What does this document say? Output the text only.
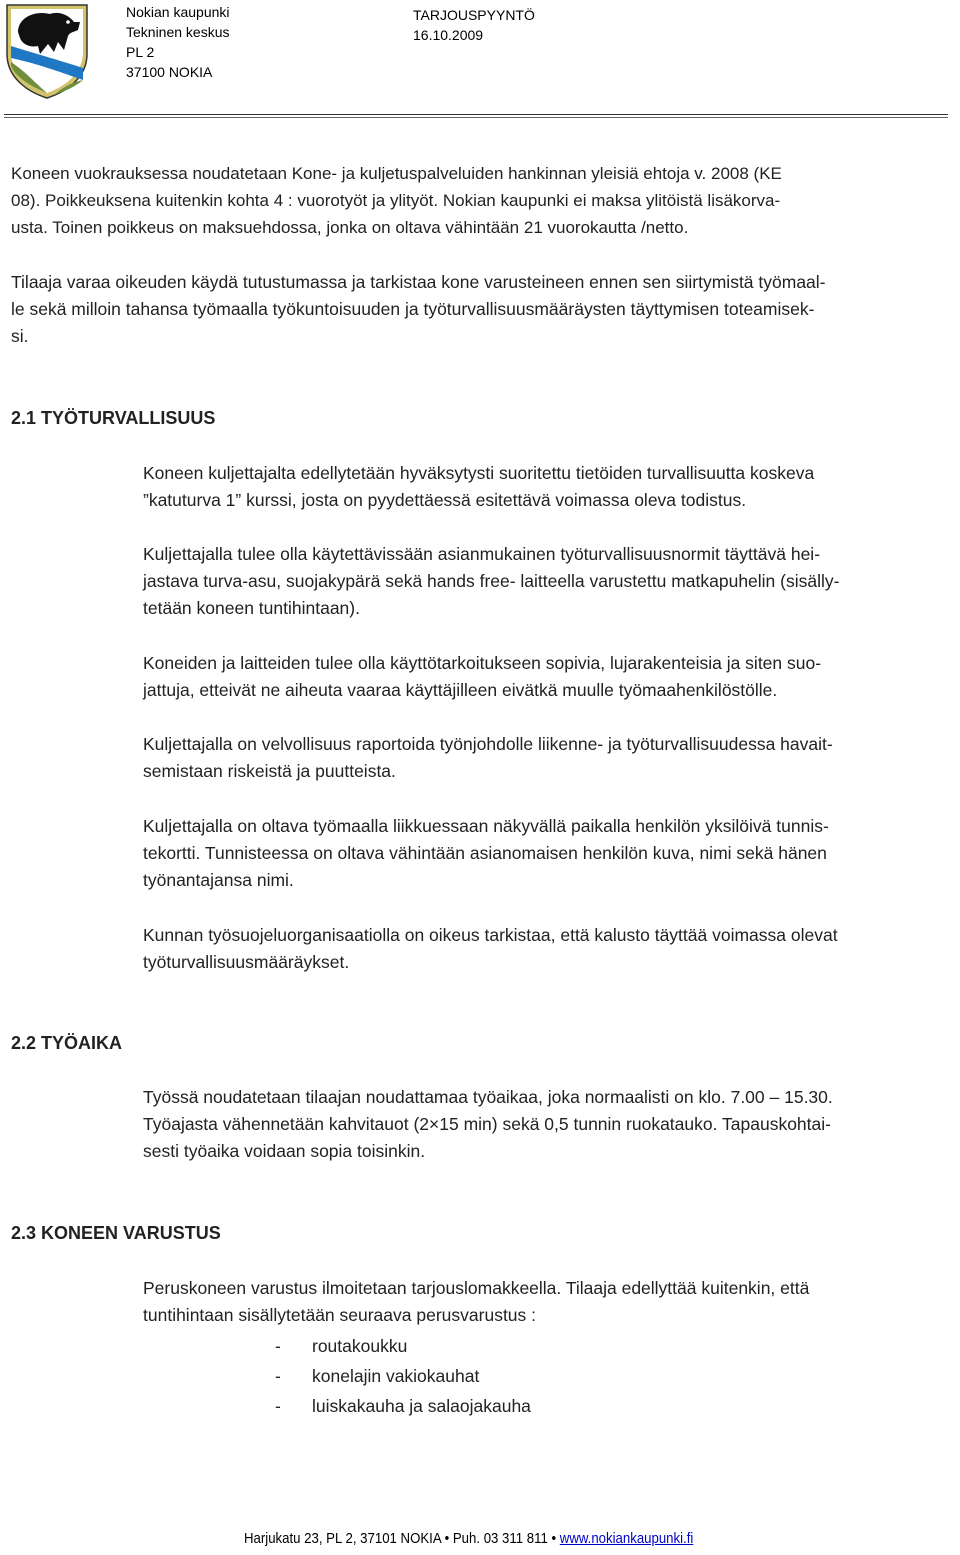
Nokian kaupunki
Tekninen keskus
PL 2
37100 NOKIA
TARJOUSPYYNTÖ
16.10.2009
Koneen vuokrauksessa noudatetaan Kone- ja kuljetuspalveluiden hankinnan yleisiä ehtoja v. 2008 (KE
08). Poikkeuksena kuitenkin kohta 4 : vuorotyöt ja ylityöt. Nokian kaupunki ei maksa ylitöistä lisäkorva-
usta. Toinen poikkeus on maksuehdossa, jonka on oltava vähintään 21 vuorokautta /netto.
Tilaaja varaa oikeuden käydä tutustumassa ja tarkistaa kone varusteineen ennen sen siirtymistä työmaal-
le sekä milloin tahansa työmaalla työkuntoisuuden ja työturvallisuusmääräysten täyttymisen toteamisek-
si.
2.1 TYÖTURVALLISUUS
Koneen kuljettajalta edellytetään hyväksytysti suoritettu tietöiden turvallisuutta koskeva
”katuturva 1” kurssi, josta on pyydettäessä esitettävä voimassa oleva todistus.
Kuljettajalla tulee olla käytettävissään asianmukainen työturvallisuusnormit täyttävä hei-
jastava turva-asu, suojakypärä sekä hands free- laitteella varustettu matkapuhelin (sisälly-
tetään koneen tuntihintaan).
Koneiden ja laitteiden tulee olla käyttötarkoitukseen sopivia, lujarakenteisia ja siten suo-
jattuja, etteivät ne aiheuta vaaraa käyttäjilleen eivätkä muulle työmaahenkilöstölle.
Kuljettajalla on velvollisuus raportoida työnjohdolle liikenne- ja työturvallisuudessa havait-
semistaan riskeistä ja puutteista.
Kuljettajalla on oltava työmaalla liikkuessaan näkyvällä paikalla henkilön yksilöivä tunnis-
tekortti. Tunnisteessa on oltava vähintään asianomaisen henkilön kuva, nimi sekä hänen
työnantajansa nimi.
Kunnan työsuojeluorganisaatiolla on oikeus tarkistaa, että kalusto täyttää voimassa olevat
työturvallisuusmääräykset.
2.2 TYÖAIKA
Työssä noudatetaan tilaajan noudattamaa työaikaa, joka normaalisti on klo. 7.00 – 15.30.
Työajasta vähennetään kahvitauot (2×15 min) sekä 0,5 tunnin ruokatauko. Tapauskohtai-
sesti työaika voidaan sopia toisinkin.
2.3 KONEEN VARUSTUS
Peruskoneen varustus ilmoitetaan tarjouslomakkeella. Tilaaja edellyttää kuitenkin, että
tuntihintaan sisällytetään seuraava perusvarustus :
- routakoukku
- konelajin vakiokauhat
- luiskakauha ja salaojakauha
Harjukatu 23, PL 2, 37101 NOKIA • Puh. 03 311 811 • www.nokiankaupunki.fi
